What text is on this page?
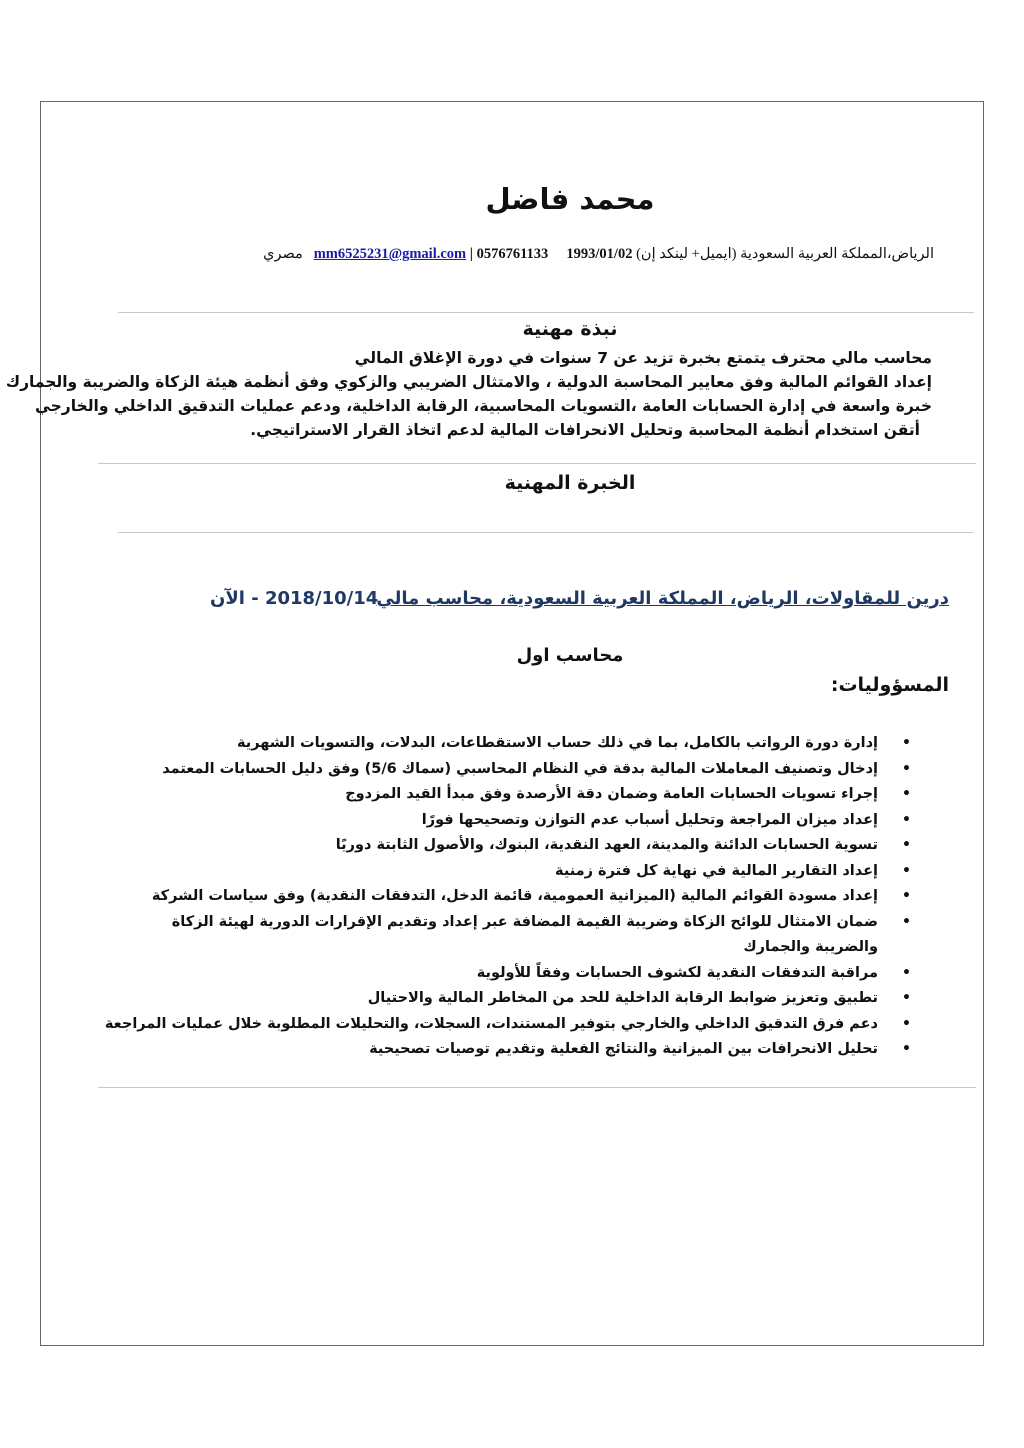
محمد فاضل
الرياض،المملكة العربية السعودية (ايميل+ لينكد إن) mm6525231@gmail.com | 0576761133 1993/01/02   مصري
نبذة مهنية
محاسب مالي محترف يتمتع بخبرة تزيد عن 7 سنوات في دورة الإغلاق المالي
إعداد القوائم المالية وفق معايير المحاسبة الدولية ، والامتثال الضريبي والزكوي وفق أنظمة هيئة الزكاة والضريبة والجمارك
خبرة واسعة في إدارة الحسابات العامة ،التسويات المحاسبية، الرقابة الداخلية، ودعم عمليات التدقيق الداخلي والخارجي
أتقن استخدام أنظمة المحاسبة وتحليل الانحرافات المالية لدعم اتخاذ القرار الاستراتيجي.
الخبرة المهنية
درين للمقاولات، الرياض، المملكة العربية السعودية، محاسب مالي
2018/10/14 - الآن
محاسب اول
المسؤوليات:
• إدارة دورة الرواتب بالكامل، بما في ذلك حساب الاستقطاعات، البدلات، والتسويات الشهرية
• إدخال وتصنيف المعاملات المالية بدقة في النظام المحاسبي (سماك 5/6) وفق دليل الحسابات المعتمد
• إجراء تسويات الحسابات العامة وضمان دقة الأرصدة وفق مبدأ القيد المزدوج
• إعداد ميزان المراجعة وتحليل أسباب عدم التوازن وتصحيحها فورًا
• تسوية الحسابات الدائنة والمدينة، العهد النقدية، البنوك، والأصول الثابتة دوريًا
• إعداد التقارير المالية في نهاية كل فترة زمنية
• إعداد مسودة القوائم المالية (الميزانية العمومية، قائمة الدخل، التدفقات النقدية) وفق سياسات الشركة
• ضمان الامتثال للوائح الزكاة وضريبة القيمة المضافة عبر إعداد وتقديم الإقرارات الدورية لهيئة الزكاة والضريبة والجمارك
• مراقبة التدفقات النقدية لكشوف الحسابات وفقاً للأولوية
• تطبيق وتعزيز ضوابط الرقابة الداخلية للحد من المخاطر المالية والاحتيال
• دعم فرق التدقيق الداخلي والخارجي بتوفير المستندات، السجلات، والتحليلات المطلوبة خلال عمليات المراجعة
• تحليل الانحرافات بين الميزانية والنتائج الفعلية وتقديم توصيات تصحيحية
